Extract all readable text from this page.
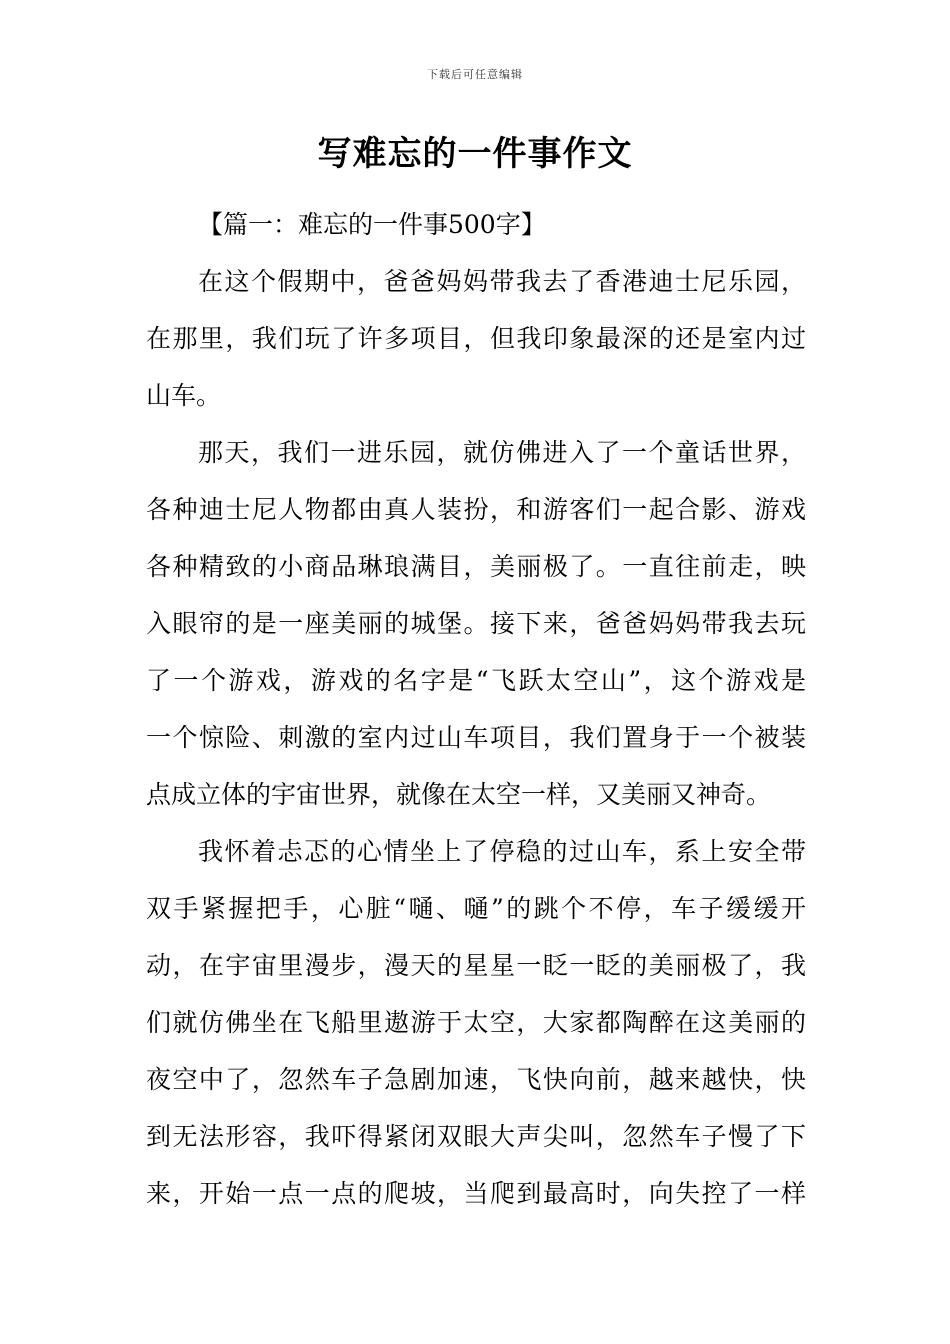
下载后可任意编辑
写难忘的一件事作文
【篇一：难忘的一件事500字】
在这个假期中，爸爸妈妈带我去了香港迪士尼乐园，
在那里，我们玩了许多项目，但我印象最深的还是室内过
山车。
那天，我们一进乐园，就仿佛进入了一个童话世界，
各种迪士尼人物都由真人装扮，和游客们一起合影、游戏
各种精致的小商品琳琅满目，美丽极了。一直往前走，映
入眼帘的是一座美丽的城堡。接下来，爸爸妈妈带我去玩
了一个游戏，游戏的名字是“飞跃太空山”，这个游戏是
一个惊险、刺激的室内过山车项目，我们置身于一个被装
点成立体的宇宙世界，就像在太空一样，又美丽又神奇。
我怀着忐忑的心情坐上了停稳的过山车，系上安全带
双手紧握把手，心脏“嗵、嗵”的跳个不停，车子缓缓开
动，在宇宙里漫步，漫天的星星一眨一眨的美丽极了，我
们就仿佛坐在飞船里遨游于太空，大家都陶醉在这美丽的
夜空中了，忽然车子急剧加速，飞快向前，越来越快，快
到无法形容，我吓得紧闭双眼大声尖叫，忽然车子慢了下
来，开始一点一点的爬坡，当爬到最高时，向失控了一样
